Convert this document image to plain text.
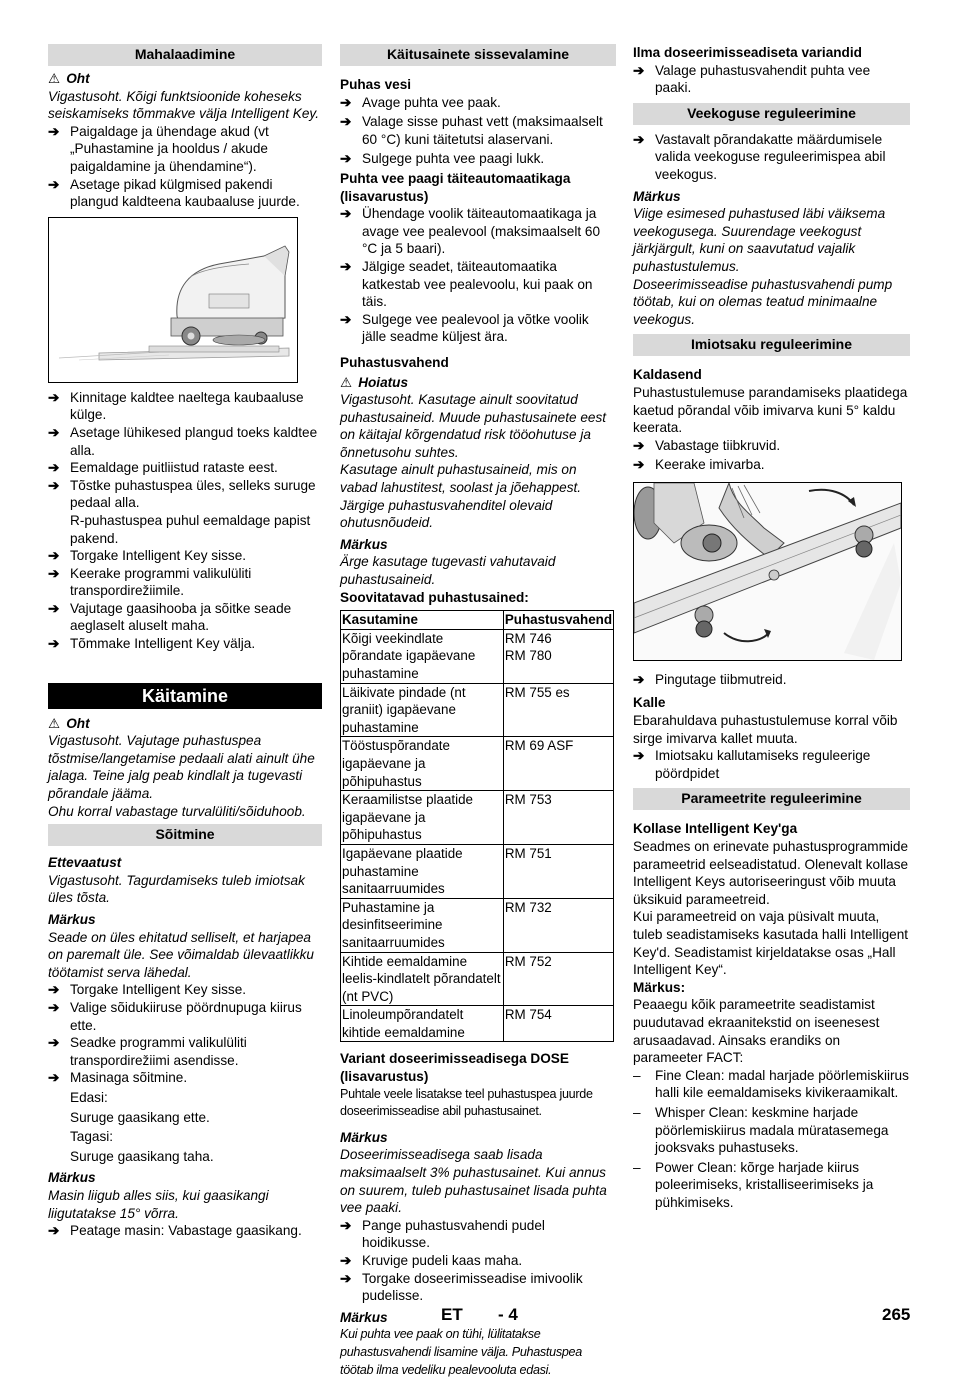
Mahalaadimine
⚠ Oht
Vigastusoht. Kõigi funktsioonide koheseks seiskamiseks tõmmakve välja Intelligent Key.
➔ Paigaldage ja ühendage akud (vt „Puhastamine ja hooldus / akude paigaldamine ja ühendamine“).
➔ Asetage pikad külgmised pakendi plangud kaldteena kaubaaluse juurde.
➔ Kinnitage kaldtee naeltega kaubaaluse külge.
➔ Asetage lühikesed plangud toeks kaldtee alla.
➔ Eemaldage puitliistud rataste eest.
➔ Tõstke puhastuspea üles, selleks suruge pedaal alla.
R-puhastuspea puhul eemaldage papist pakend.
➔ Torgake Intelligent Key sisse.
➔ Keerake programmi valikulüliti transpordirežiimile.
➔ Vajutage gaasihooba ja sõitke seade aeglaselt aluselt maha.
➔ Tõmmake Intelligent Key välja.
Käitamine
⚠ Oht
Vigastusoht. Vajutage puhastuspea tõstmise/langetamise pedaali alati ainult ühe jalaga. Teine jalg peab kindlalt ja tugevasti põrandale jääma.
Ohu korral vabastage turvalüliti/sõiduhoob.
Sõitmine
Ettevaatust
Vigastusoht. Tagurdamiseks tuleb imiotsak üles tõsta.
Märkus
Seade on üles ehitatud selliselt, et harjapea on paremalt üle. See võimaldab ülevaatlikku töötamist serva lähedal.
➔ Torgake Intelligent Key sisse.
➔ Valige sõidukiiruse pöördnupuga kiirus ette.
➔ Seadke programmi valikulüliti transpordirežiimi asendisse.
➔ Masinaga sõitmine.
Edasi:
Suruge gaasikang ette.
Tagasi:
Suruge gaasikang taha.
Märkus
Masin liigub alles siis, kui gaasikangi liigutatakse 15° võrra.
➔ Peatage masin: Vabastage gaasikang.
Käitusainete sissevalamine
Puhas vesi
➔ Avage puhta vee paak.
➔ Valage sisse puhast vett (maksimaalselt 60 °C) kuni täitetutsi alaservani.
➔ Sulgege puhta vee paagi lukk.
Puhta vee paagi täiteautomaatikaga (lisavarustus)
➔ Ühendage voolik täiteautomaatikaga ja avage vee pealevool (maksimaalselt 60 °C ja 5 baari).
➔ Jälgige seadet, täiteautomaatika katkestab vee pealevoolu, kui paak on täis.
➔ Sulgege vee pealevool ja võtke voolik jälle seadme küljest ära.
Puhastusvahend
⚠ Hoiatus
Vigastusoht. Kasutage ainult soovitatud puhastusaineid. Muude puhastusainete eest on käitajal kõrgendatud risk tööohutuse ja õnnetusohu suhtes.
Kasutage ainult puhastusaineid, mis on vabad lahustitest, soolast ja jõehappest. Järgige puhastusvahenditel olevaid ohutusnõudeid.
Märkus
Ärge kasutage tugevasti vahutavaid puhastusaineid.
Soovitatavad puhastusained:
Kasutamine	Puhastusvahend
Kõigi veekindlate põrandate igapäevane puhastamine	RM 746
RM 780
Läikivate pindade (nt graniit) igapäevane puhastamine	RM 755 es
Tööstuspõrandate igapäevane ja põhipuhastus	RM 69 ASF
Keraamilistse plaatide igapäevane ja põhipuhastus	RM 753
Igapäevane plaatide puhastamine sanitaarruumides	RM 751
Puhastamine ja desinfitseerimine sanitaarruumides	RM 732
Kihtide eemaldamine leelis-kindlatelt põrandatelt (nt PVC)	RM 752
Linoleumpõrandatelt kihtide eemaldamine	RM 754
Variant doseerimisseadisega DOSE (lisavarustus)
Puhtale veele lisatakse teel puhastuspea juurde doseerimisseadise abil puhastusainet.
Märkus
Doseerimisseadisega saab lisada maksimaalselt 3% puhastusainet. Kui annus on suurem, tuleb puhastusainet lisada puhta vee paaki.
➔ Pange puhastusvahendi pudel hoidikusse.
➔ Kruvige pudeli kaas maha.
➔ Torgake doseerimisseadise imivoolik pudelisse.
Märkus
Kui puhta vee paak on tühi, lülitatakse puhastusvahendi lisamine välja. Puhastuspea töötab ilma vedeliku pealevooluta edasi.
Ilma doseerimisseadiseta variandid
➔ Valage puhastusvahendit puhta vee paaki.
Veekoguse reguleerimine
➔ Vastavalt põrandakatte määrdumisele valida veekoguse reguleerimispea abil veekogus.
Märkus
Viige esimesed puhastused läbi väiksema veekogusega. Suurendage veekogust järkjärgult, kuni on saavutatud vajalik puhastustulemus.
Doseerimisseadise puhastusvahendi pump töötab, kui on olemas teatud minimaalne veekogus.
Imiotsaku reguleerimine
Kaldasend
Puhastustulemuse parandamiseks plaatidega kaetud põrandal võib imivarva kuni 5° kaldu keerata.
➔ Vabastage tiibkruvid.
➔ Keerake imivarba.
➔ Pingutage tiibmutreid.
Kalle
Ebarahuldava puhastustulemuse korral võib sirge imivarva kallet muuta.
➔ Imiotsaku kallutamiseks reguleerige pöördpidet
Parameetrite reguleerimine
Kollase Intelligent Key'ga
Seadmes on erinevate puhastusprogrammide parameetrid eelseadistatud. Olenevalt kollase Intelligent Keys autoriseeringust võib muuta üksikuid parameetreid.
Kui parameetreid on vaja püsivalt muuta, tuleb seadistamiseks kasutada halli Intelligent Key'd. Seadistamist kirjeldatakse osas „Hall Intelligent Key“.
Märkus:
Peaaegu kõik parameetrite seadistamist puudutavad ekraanitekstid on iseenesest arusaadavad. Ainsaks erandiks on parameeter FACT:
– Fine Clean: madal harjade pöörlemiskiirus halli kile eemaldamiseks kivikeraamikalt.
– Whisper Clean: keskmine harjade pöörlemiskiirus madala müratasemega jooksvaks puhastuseks.
– Power Clean: kõrge harjade kiirus poleerimiseks, kristalliseerimiseks ja pühkimiseks.
ET - 4	265
